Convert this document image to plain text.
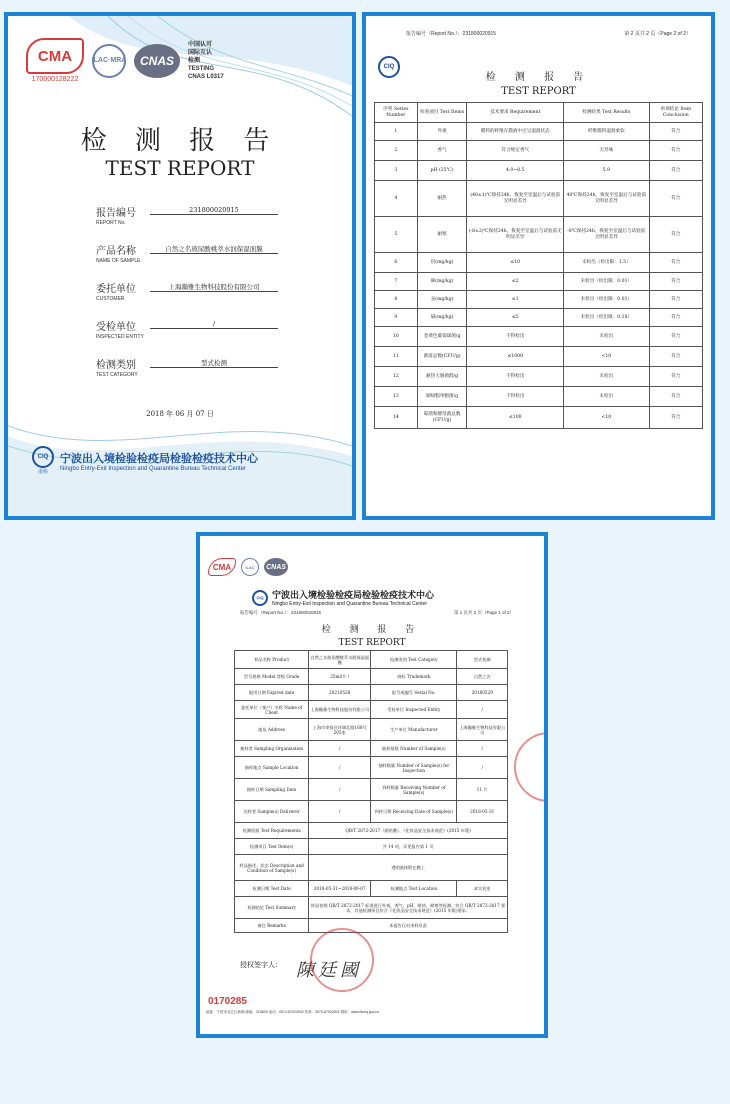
CMA
170000128222
ILAC·MRA	CNAS
中国认可
国际互认
检测
TESTING
CNAS L0317
检 测 报 告
TEST REPORT
报告编号
REPORT No.
231800020915
产品名称
NAME OF SAMPLE
自然之名玻尿酸桃萃水润保湿面膜
委托单位
CUSTOMER
上海瀚雅生物科技股份有限公司
受检单位
INSPECTED ENTITY
/
检测类别
TEST CATEGORY
型式检测
2018 年 06 月 07 日
CIQ
甬检
宁波出入境检验检疫局检验检疫技术中心
Ningbo Entry-Exit Inspection and Quarantine Bureau Technical Center
报告编号（Report No.）：231800020915	第 2 页共 2 页（Page 2 of 2）
CIQ
检 测 报 告
TEST REPORT
序列 Series Number	检查项目 Test Items	技术要求 Requirement	检测结果 Test Results	单项结论 Item Conclusion
1	外观	膜料的纤维在膜液中应呈湿润状态	纤维膜料湿润柔软	符合
2	香气	符合规定香气	无异味	符合
3	pH (25℃)	4.0~8.5	5.9	符合
4	耐热	(40±1)℃保持24h，恢复至室温后与试验前无明显差异	40℃保持24h，恢复至室温后与试验前无明显差异	符合
5	耐寒	(-8±2)℃保持24h，恢复至室温后与试验前无明显差异	-8℃保持24h，恢复至室温后与试验前无明显差异	符合
6	铅(mg/kg)	≤10	未检出（检出限：1.5）	符合
7	砷(mg/kg)	≤2	未检出（检出限：0.01）	符合
8	汞(mg/kg)	≤1	未检出（检出限：0.01）	符合
9	镉(mg/kg)	≤5	未检出（检出限：0.18）	符合
10	金黄色葡萄球菌/g	不得检出	未检出	符合
11	菌落总数(CFU/g)	≤1000	<10	符合
12	耐热大肠菌群/g	不得检出	未检出	符合
13	铜绿假单胞菌/g	不得检出	未检出	符合
14	霉菌和酵母菌总数(CFU/g)	≤100	<10	符合
CMA	ILAC	CNAS
CIQ 宁波出入境检验检疫局检验检疫技术中心
Ningbo Entry-Exit Inspection and Quarantine Bureau Technical Center
报告编号（Report No.）：231800020915	第 1 页共 2 页（Page 1 of 2）
检 测 报 告
TEST REPORT
样品名称 Product	自然之名玻尿酸桃萃水润保湿面膜	检测类别 Test Category	型式检测
型号规格 Model 等级 Grade	25ml/片 /	商标 Trademark	自然之名
限用日期 Expired date	20210528	批号或编号 Serial No.	20180529
委托单位（客户）名称 Name of Client	上海瀚雅生物科技股份有限公司	受检单位 Inspected Entity	/
地址 Address	上海市奉贤区环城北路168号205室	生产单位 Manufacturer	上海瀚雅生物科技有限公司
抽样者 Sampling Organization	/	抽样基数 Number of Sample(s)	/
抽样地点 Sample Location	/	抽样数量 Number of Sample(s) for Inspection	/
抽样日期 Sampling Date	/	到样数量 Receiving Number of Sample(s)	11 片
送样者 Sample(s) Deliverer	/	到样日期 Receiving Date of Sample(s)	2018-05-31
检测依据 Test Requirements	QB/T 2872-2017（面贴膜）、《化妆品安全技术规范》(2015 年版)		
检测项目 Test Item(s)	共 14 项，详见报告第 1 页		
样品描述、状态 Description and Condition of Sample(s)	透明液体附在膜上		
检测日期 Test Date	2018-05-31~2018-06-07	检测地点 Test Location	本实验室
检测结论 Test Summary	样品按照 QB/T 2872-2017 标准进行外观、香气、pH、耐热、耐寒等检测，符合 QB/T 2872-2017 要求，其他检测项目符合《化妆品安全技术规范》(2015 年版)要求。		
备注 Remarks	本报告仅对来样负责		
授权签字人： 陳廷國
0170285
地址：宁波市北仑区新碶 邮编：315800 电话：0574-87022502 传真：0574-87022502 网址：www.nbciq.gov.cn
